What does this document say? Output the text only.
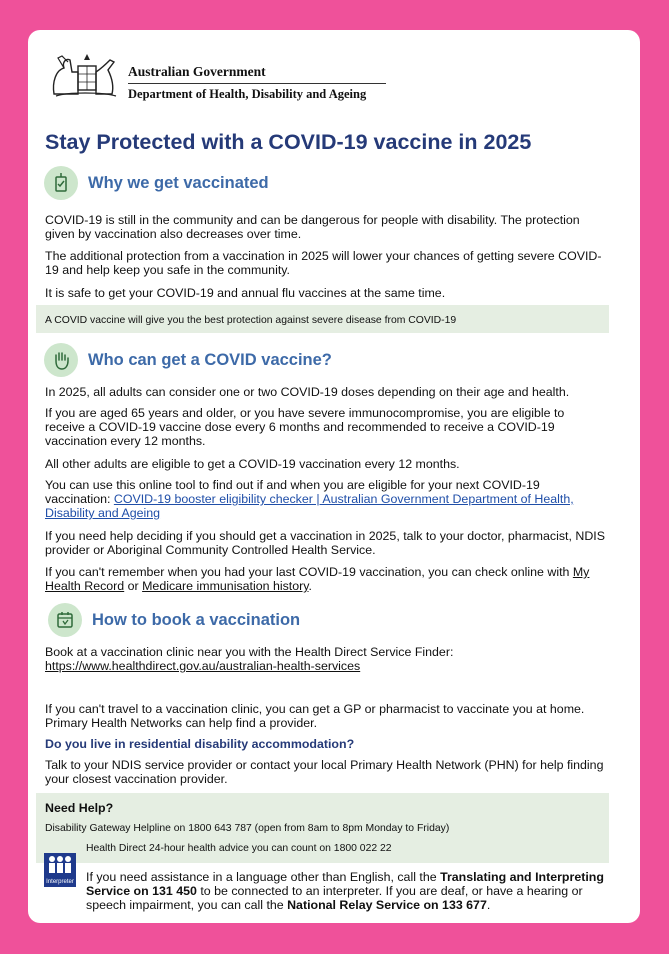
Australian Government
Department of Health, Disability and Ageing
Stay Protected with a COVID-19 vaccine in 2025
Why we get vaccinated

COVID-19 is still in the community and can be dangerous for people with disability. The protection given by vaccination also decreases over time.

The additional protection from a vaccination in 2025 will lower your chances of getting severe COVID-19 and help keep you safe in the community.

It is safe to get your COVID-19 and annual flu vaccines at the same time.

A COVID vaccine will give you the best protection against severe disease from COVID-19

Who can get a COVID vaccine?

In 2025, all adults can consider one or two COVID-19 doses depending on their age and health.

If you are aged 65 years and older, or you have severe immunocompromise, you are eligible to receive a COVID-19 vaccine dose every 6 months and recommended to receive a COVID-19 vaccination every 12 months.

All other adults are eligible to get a COVID-19 vaccination every 12 months.

You can use this online tool to find out if and when you are eligible for your next COVID-19 vaccination: COVID-19 booster eligibility checker | Australian Government Department of Health, Disability and Ageing

If you need help deciding if you should get a vaccination in 2025, talk to your doctor, pharmacist, NDIS provider or Aboriginal Community Controlled Health Service.

If you can't remember when you had your last COVID-19 vaccination, you can check online with My Health Record or Medicare immunisation history.

How to book a vaccination

Book at a vaccination clinic near you with the Health Direct Service Finder:
https://www.healthdirect.gov.au/australian-health-services

If you can't travel to a vaccination clinic, you can get a GP or pharmacist to vaccinate you at home. Primary Health Networks can help find a provider.

Do you live in residential disability accommodation?

Talk to your NDIS service provider or contact your local Primary Health Network (PHN) for help finding your closest vaccination provider.

Need Help?

Disability Gateway Helpline on 1800 643 787 (open from 8am to 8pm Monday to Friday)

Health Direct 24-hour health advice you can count on 1800 022 22

Interpreter If you need assistance in a language other than English, call the Translating and Interpreting Service on 131 450 to be connected to an interpreter. If you are deaf, or have a hearing or speech impairment, you can call the National Relay Service on 133 677.
